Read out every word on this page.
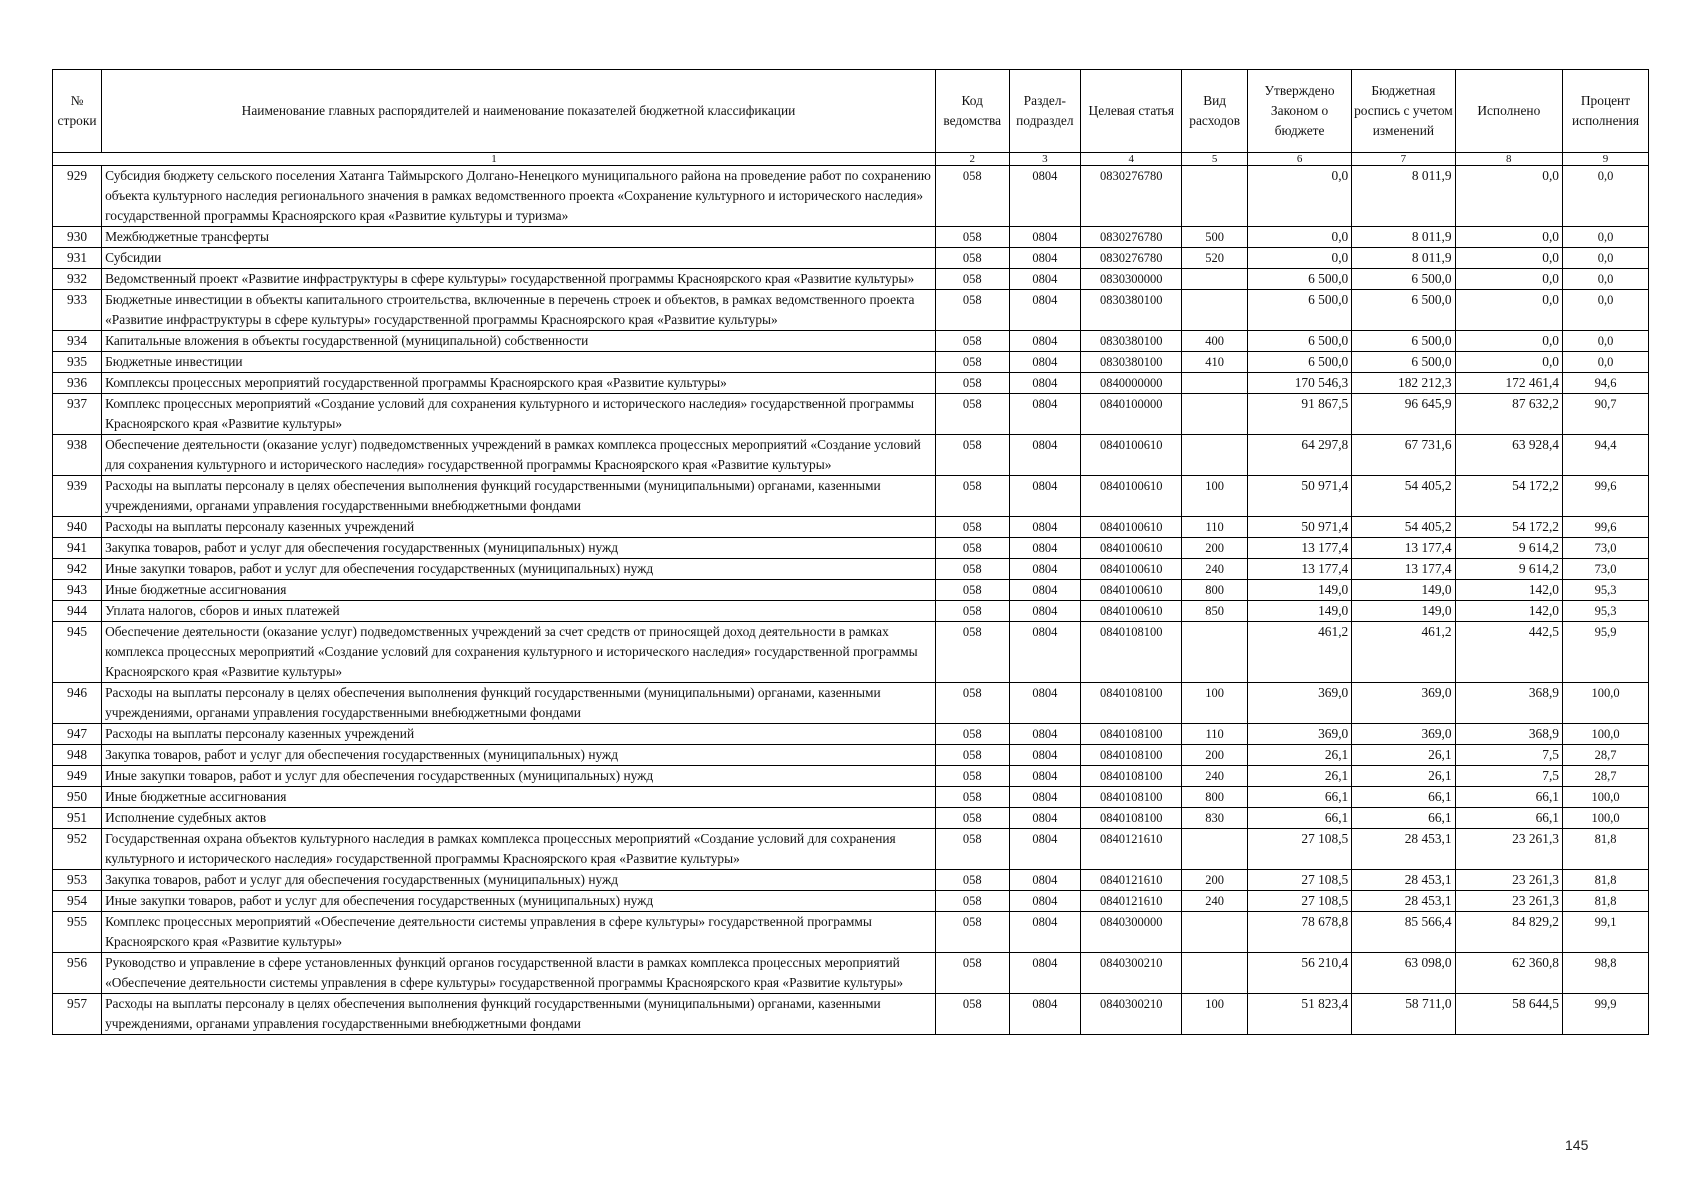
№ строки	Наименование главных распорядителей и наименование показателей бюджетной классификации	Код ведомства	Раздел-подраздел	Целевая статья	Вид расходов	Утверждено Законом о бюджете	Бюджетная роспись с учетом изменений	Исполнено	Процент исполнения
1		2	3	4	5	6	7	8	9
929	Субсидия бюджету сельского поселения Хатанга Таймырского Долгано-Ненецкого муниципального района на проведение работ по сохранению объекта культурного наследия регионального значения в рамках ведомственного проекта «Сохранение культурного и исторического наследия» государственной программы Красноярского края «Развитие культуры и туризма»	058	0804	0830276780		0,0	8 011,9	0,0	0,0
930	Межбюджетные трансферты	058	0804	0830276780	500	0,0	8 011,9	0,0	0,0
931	Субсидии	058	0804	0830276780	520	0,0	8 011,9	0,0	0,0
932	Ведомственный проект «Развитие инфраструктуры в сфере культуры» государственной программы Красноярского края «Развитие культуры»	058	0804	0830300000		6 500,0	6 500,0	0,0	0,0
933	Бюджетные инвестиции в объекты капитального строительства, включенные в перечень строек и объектов, в рамках ведомственного проекта «Развитие инфраструктуры в сфере культуры» государственной программы Красноярского края «Развитие культуры»	058	0804	0830380100		6 500,0	6 500,0	0,0	0,0
934	Капитальные вложения в объекты государственной (муниципальной) собственности	058	0804	0830380100	400	6 500,0	6 500,0	0,0	0,0
935	Бюджетные инвестиции	058	0804	0830380100	410	6 500,0	6 500,0	0,0	0,0
936	Комплексы процессных мероприятий государственной программы Красноярского края «Развитие культуры»	058	0804	0840000000		170 546,3	182 212,3	172 461,4	94,6
937	Комплекс процессных мероприятий «Создание условий для сохранения культурного и исторического наследия» государственной программы Красноярского края «Развитие культуры»	058	0804	0840100000		91 867,5	96 645,9	87 632,2	90,7
938	Обеспечение деятельности (оказание услуг) подведомственных учреждений в рамках комплекса процессных мероприятий «Создание условий для сохранения культурного и исторического наследия» государственной программы Красноярского края «Развитие культуры»	058	0804	0840100610		64 297,8	67 731,6	63 928,4	94,4
939	Расходы на выплаты персоналу в целях обеспечения выполнения функций государственными (муниципальными) органами, казенными учреждениями, органами управления государственными внебюджетными фондами	058	0804	0840100610	100	50 971,4	54 405,2	54 172,2	99,6
940	Расходы на выплаты персоналу казенных учреждений	058	0804	0840100610	110	50 971,4	54 405,2	54 172,2	99,6
941	Закупка товаров, работ и услуг для обеспечения государственных (муниципальных) нужд	058	0804	0840100610	200	13 177,4	13 177,4	9 614,2	73,0
942	Иные закупки товаров, работ и услуг для обеспечения государственных (муниципальных) нужд	058	0804	0840100610	240	13 177,4	13 177,4	9 614,2	73,0
943	Иные бюджетные ассигнования	058	0804	0840100610	800	149,0	149,0	142,0	95,3
944	Уплата налогов, сборов и иных платежей	058	0804	0840100610	850	149,0	149,0	142,0	95,3
945	Обеспечение деятельности (оказание услуг) подведомственных учреждений за счет средств от приносящей доход деятельности в рамках комплекса процессных мероприятий «Создание условий для сохранения культурного и исторического наследия» государственной программы Красноярского края «Развитие культуры»	058	0804	0840108100		461,2	461,2	442,5	95,9
946	Расходы на выплаты персоналу в целях обеспечения выполнения функций государственными (муниципальными) органами, казенными учреждениями, органами управления государственными внебюджетными фондами	058	0804	0840108100	100	369,0	369,0	368,9	100,0
947	Расходы на выплаты персоналу казенных учреждений	058	0804	0840108100	110	369,0	369,0	368,9	100,0
948	Закупка товаров, работ и услуг для обеспечения государственных (муниципальных) нужд	058	0804	0840108100	200	26,1	26,1	7,5	28,7
949	Иные закупки товаров, работ и услуг для обеспечения государственных (муниципальных) нужд	058	0804	0840108100	240	26,1	26,1	7,5	28,7
950	Иные бюджетные ассигнования	058	0804	0840108100	800	66,1	66,1	66,1	100,0
951	Исполнение судебных актов	058	0804	0840108100	830	66,1	66,1	66,1	100,0
952	Государственная охрана объектов культурного наследия в рамках комплекса процессных мероприятий «Создание условий для сохранения культурного и исторического наследия» государственной программы Красноярского края «Развитие культуры»	058	0804	0840121610		27 108,5	28 453,1	23 261,3	81,8
953	Закупка товаров, работ и услуг для обеспечения государственных (муниципальных) нужд	058	0804	0840121610	200	27 108,5	28 453,1	23 261,3	81,8
954	Иные закупки товаров, работ и услуг для обеспечения государственных (муниципальных) нужд	058	0804	0840121610	240	27 108,5	28 453,1	23 261,3	81,8
955	Комплекс процессных мероприятий «Обеспечение деятельности системы управления в сфере культуры» государственной программы Красноярского края «Развитие культуры»	058	0804	0840300000		78 678,8	85 566,4	84 829,2	99,1
956	Руководство и управление в сфере установленных функций органов государственной власти в рамках комплекса процессных мероприятий «Обеспечение деятельности системы управления в сфере культуры» государственной программы Красноярского края «Развитие культуры»	058	0804	0840300210		56 210,4	63 098,0	62 360,8	98,8
957	Расходы на выплаты персоналу в целях обеспечения выполнения функций государственными (муниципальными) органами, казенными учреждениями, органами управления государственными внебюджетными фондами	058	0804	0840300210	100	51 823,4	58 711,0	58 644,5	99,9
145
